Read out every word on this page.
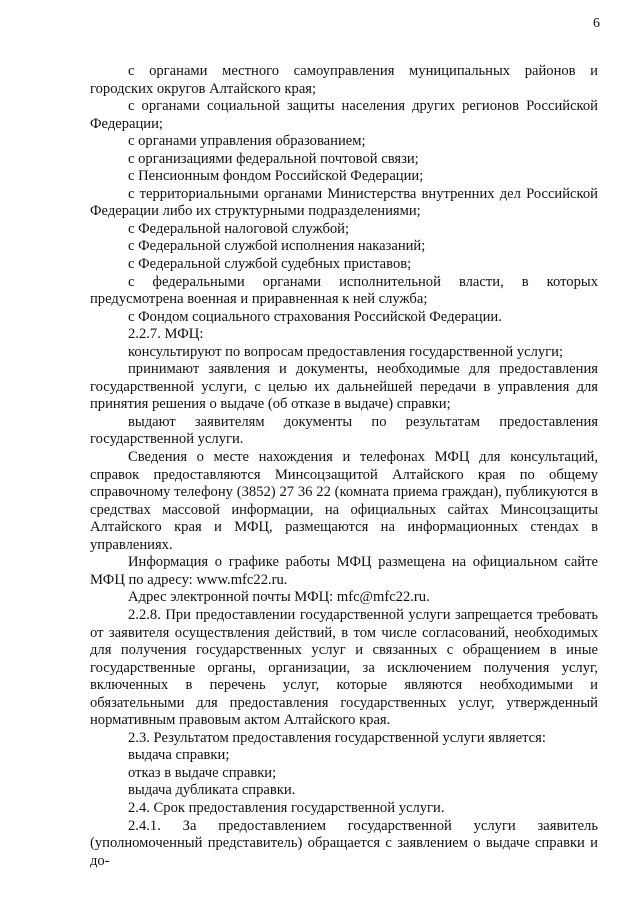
6

с органами местного самоуправления муниципальных районов и городских округов Алтайского края;

с органами социальной защиты населения других регионов Российской Федерации;

с органами управления образованием;

с организациями федеральной почтовой связи;

с Пенсионным фондом Российской Федерации;

с территориальными органами Министерства внутренних дел Российской Федерации либо их структурными подразделениями;

с Федеральной налоговой службой;

с Федеральной службой исполнения наказаний;

с Федеральной службой судебных приставов;

с федеральными органами исполнительной власти, в которых предусмотрена военная и приравненная к ней служба;

с Фондом социального страхования Российской Федерации.

2.2.7. МФЦ:

консультируют по вопросам предоставления государственной услуги;

принимают заявления и документы, необходимые для предоставления государственной услуги, с целью их дальнейшей передачи в управления для принятия решения о выдаче (об отказе в выдаче) справки;

выдают заявителям документы по результатам предоставления государственной услуги.

Сведения о месте нахождения и телефонах МФЦ для консультаций, справок предоставляются Минсоцзащитой Алтайского края по общему справочному телефону (3852) 27 36 22 (комната приема граждан), публикуются в средствах массовой информации, на официальных сайтах Минсоцзащиты Алтайского края и МФЦ, размещаются на информационных стендах в управлениях.

Информация о графике работы МФЦ размещена на официальном сайте МФЦ по адресу: www.mfc22.ru.

Адрес электронной почты МФЦ: mfc@mfc22.ru.

2.2.8. При предоставлении государственной услуги запрещается требовать от заявителя осуществления действий, в том числе согласований, необходимых для получения государственных услуг и связанных с обращением в иные государственные органы, организации, за исключением получения услуг, включенных в перечень услуг, которые являются необходимыми и обязательными для предоставления государственных услуг, утвержденный нормативным правовым актом Алтайского края.

2.3. Результатом предоставления государственной услуги является:

выдача справки;

отказ в выдаче справки;

выдача дубликата справки.

2.4. Срок предоставления государственной услуги.

2.4.1. За предоставлением государственной услуги заявитель (уполномоченный представитель) обращается с заявлением о выдаче справки и до-
